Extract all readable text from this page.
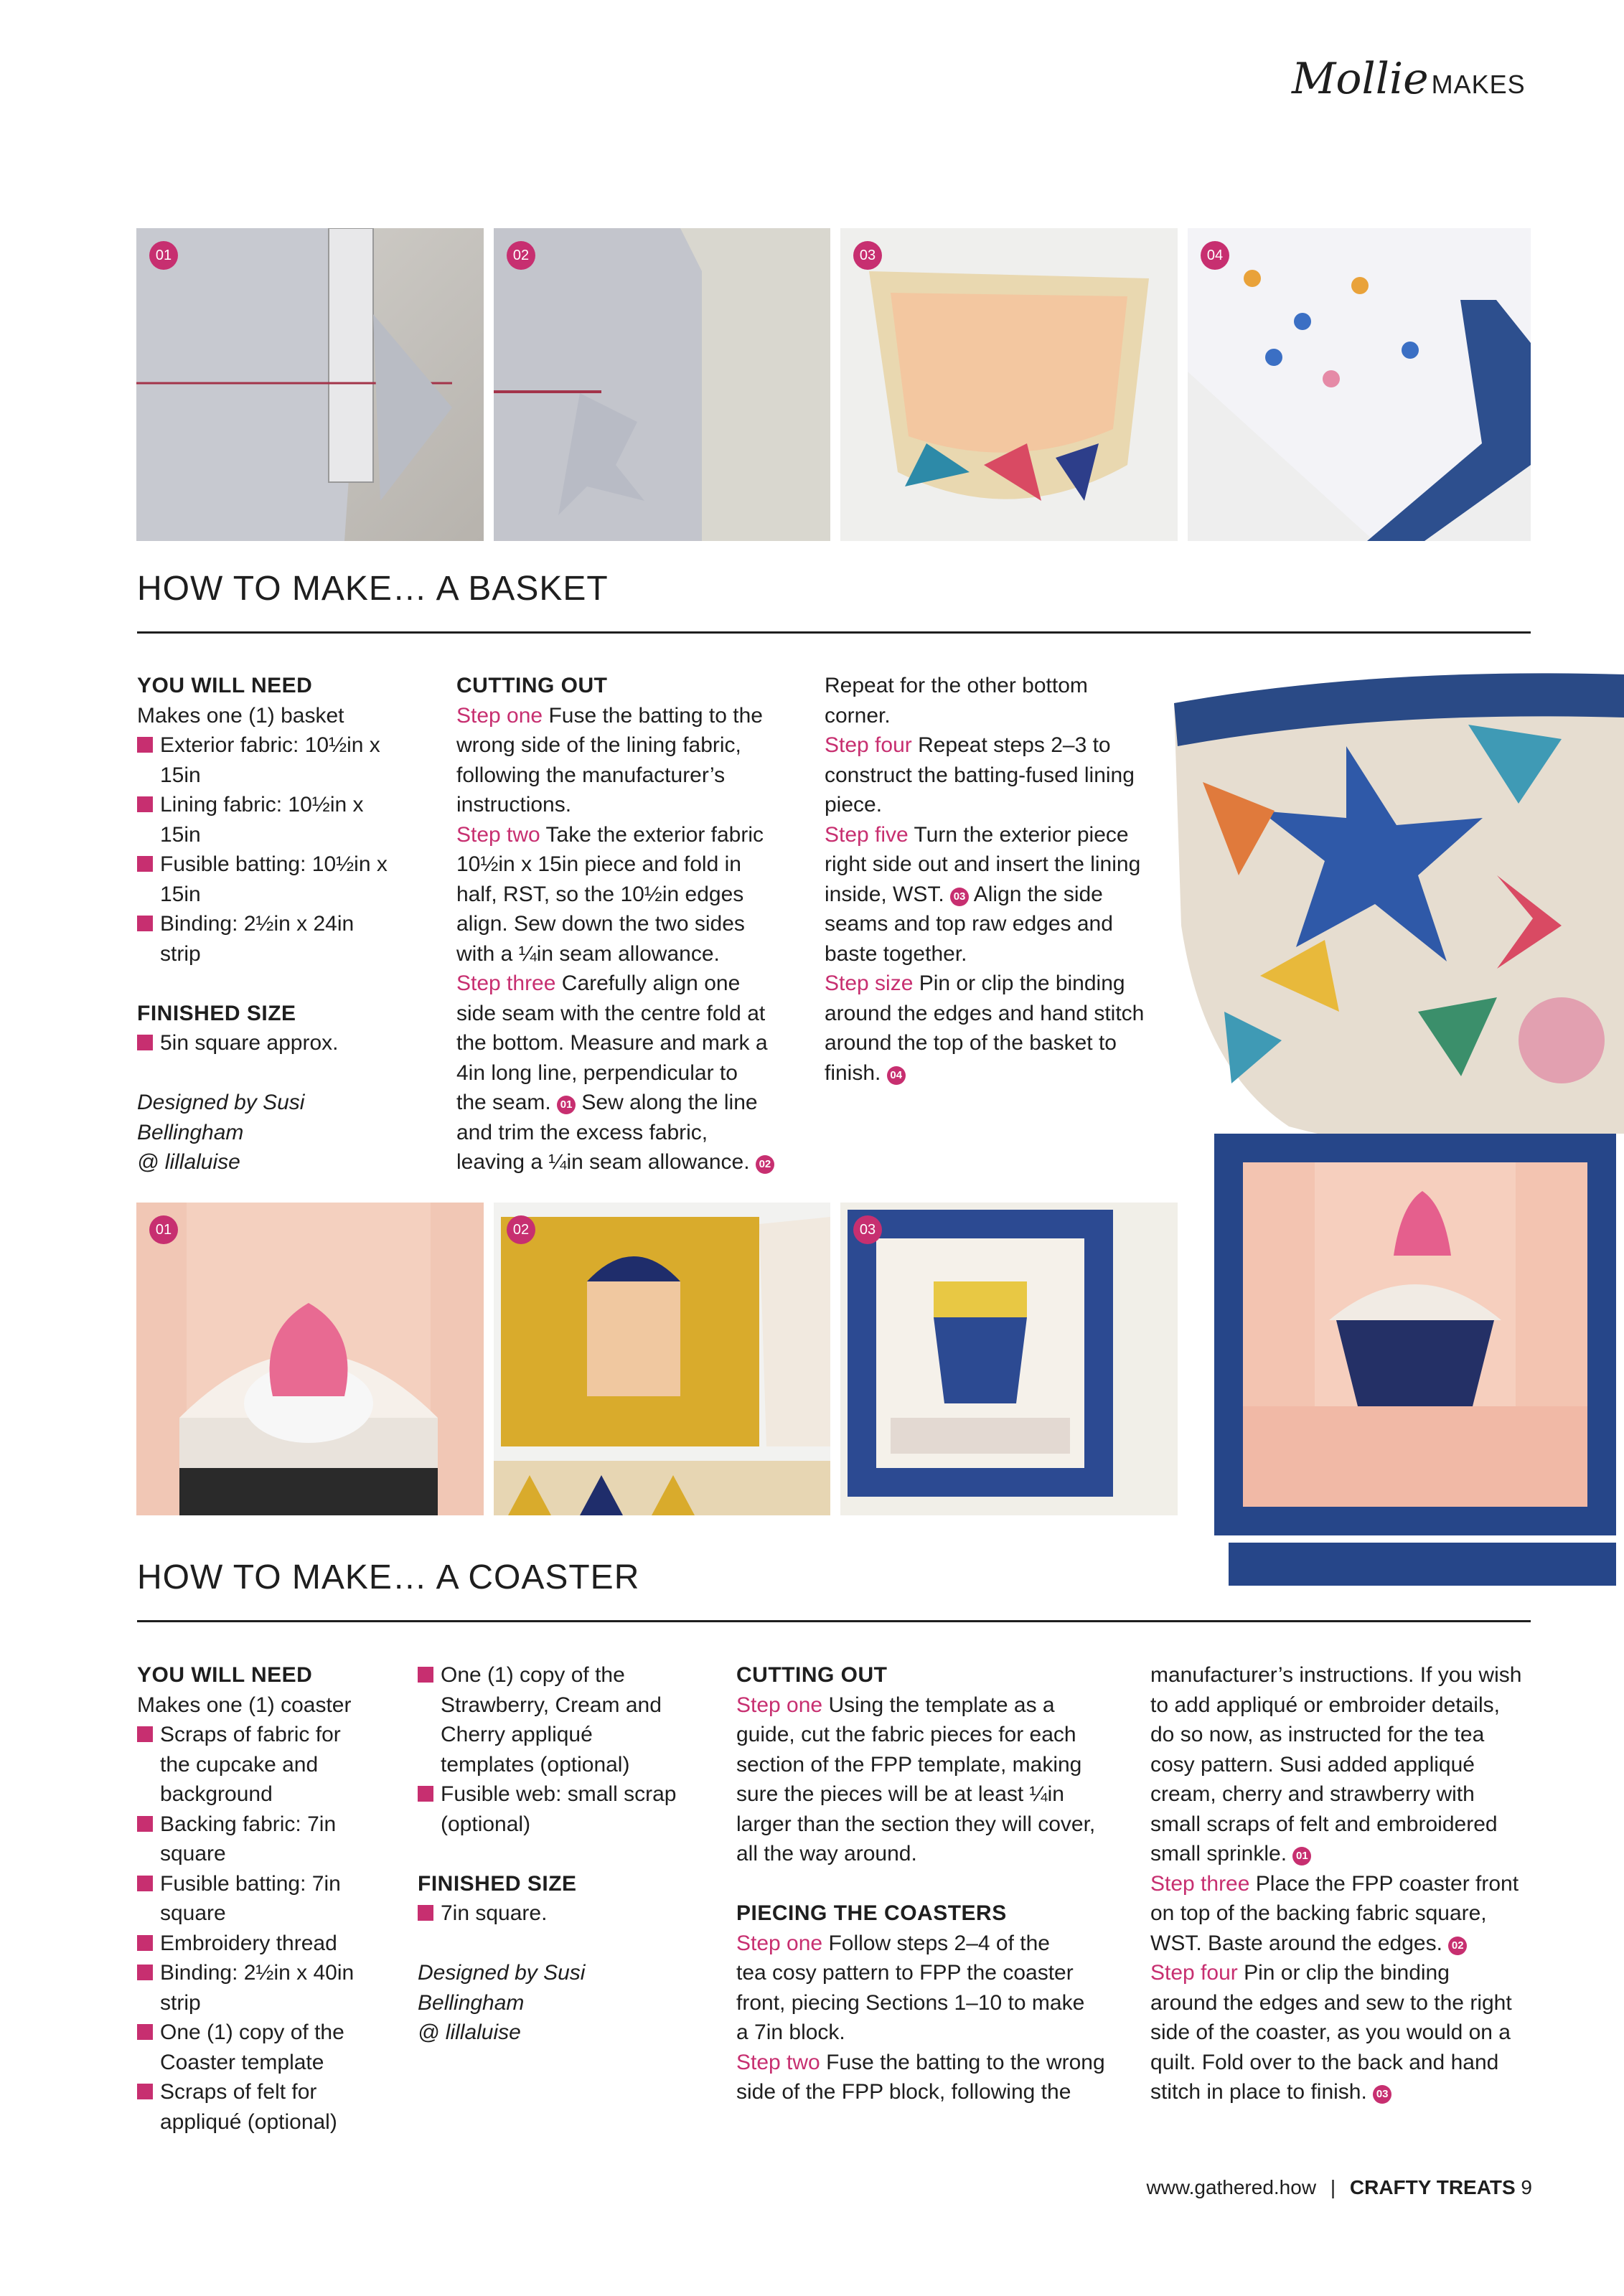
Mollie MAKES
01	02	03	04
HOW TO MAKE… A BASKET
YOU WILL NEED
Makes one (1) basket
Exterior fabric: 10½in x
15in
Lining fabric: 10½in x
15in
Fusible batting: 10½in x
15in
Binding: 2½in x 24in
strip
FINISHED SIZE
5in square approx.
Designed by Susi
Bellingham
@ lillaluise
CUTTING OUT
Step one Fuse the batting to the
wrong side of the lining fabric,
following the manufacturer’s
instructions.
Step two Take the exterior fabric
10½in x 15in piece and fold in
half, RST, so the 10½in edges
align. Sew down the two sides
with a ¼in seam allowance.
Step three Carefully align one
side seam with the centre fold at
the bottom. Measure and mark a
4in long line, perpendicular to
the seam. 01 Sew along the line
and trim the excess fabric,
leaving a ¼in seam allowance. 02
Repeat for the other bottom
corner.
Step four Repeat steps 2–3 to
construct the batting-fused lining
piece.
Step five Turn the exterior piece
right side out and insert the lining
inside, WST. 03 Align the side
seams and top raw edges and
baste together.
Step size Pin or clip the binding
around the edges and hand stitch
around the top of the basket to
finish. 04
01	02	03
HOW TO MAKE… A COASTER
YOU WILL NEED
Makes one (1) coaster
Scraps of fabric for
the cupcake and
background
Backing fabric: 7in
square
Fusible batting: 7in
square
Embroidery thread
Binding: 2½in x 40in
strip
One (1) copy of the
Coaster template
Scraps of felt for
appliqué (optional)
One (1) copy of the
Strawberry, Cream and
Cherry appliqué
templates (optional)
Fusible web: small scrap
(optional)
FINISHED SIZE
7in square.
Designed by Susi
Bellingham
@ lillaluise
CUTTING OUT
Step one Using the template as a
guide, cut the fabric pieces for each
section of the FPP template, making
sure the pieces will be at least ¼in
larger than the section they will cover,
all the way around.
PIECING THE COASTERS
Step one Follow steps 2–4 of the
tea cosy pattern to FPP the coaster
front, piecing Sections 1–10 to make
a 7in block.
Step two Fuse the batting to the wrong
side of the FPP block, following the
manufacturer’s instructions. If you wish
to add appliqué or embroider details,
do so now, as instructed for the tea
cosy pattern. Susi added appliqué
cream, cherry and strawberry with
small scraps of felt and embroidered
small sprinkle. 01
Step three Place the FPP coaster front
on top of the backing fabric square,
WST. Baste around the edges. 02
Step four Pin or clip the binding
around the edges and sew to the right
side of the coaster, as you would on a
quilt. Fold over to the back and hand
stitch in place to finish. 03
www.gathered.how | CRAFTY TREATS 9
